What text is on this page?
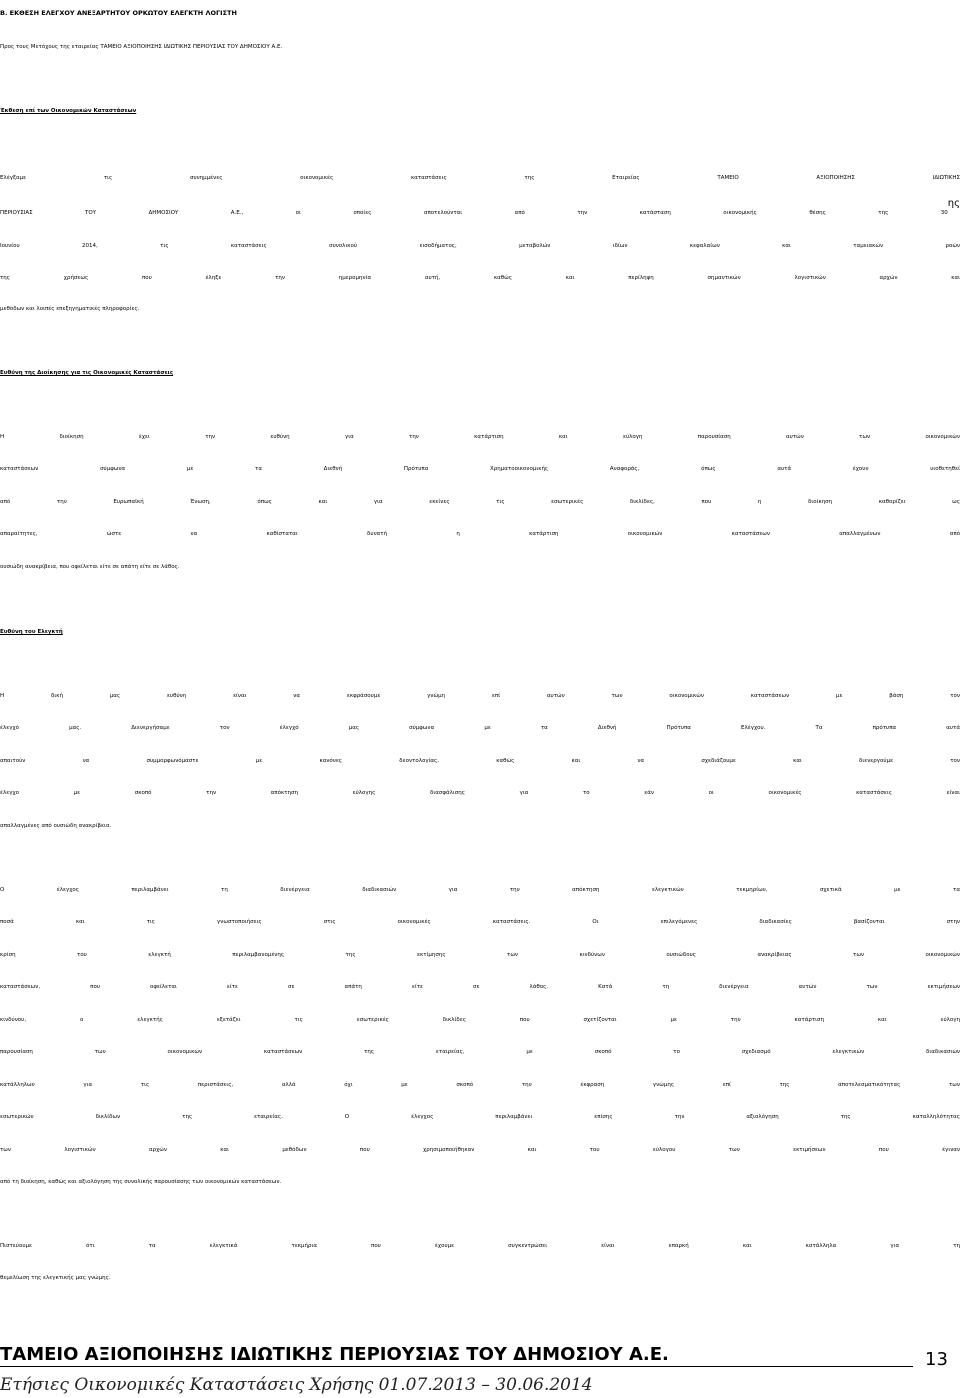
B. ΕΚΘΕΣΗ ΕΛΕΓΧΟΥ ΑΝΕΞΑΡΤΗΤΟΥ ΟΡΚΩΤΟΥ ΕΛΕΓΚΤΗ ΛΟΓΙΣΤΗ
Προς τους Μετόχους της εταιρείας ΤΑΜΕΙΟ ΑΞΙΟΠΟΙΗΣΗΣ ΙΔΙΩΤΙΚΗΣ ΠΕΡΙΟΥΣΙΑΣ ΤΟΥ ΔΗΜΟΣΙΟΥ Α.Ε.
Έκθεση επί των Οικονομικών Καταστάσεων
Ελέγξαμε τις συνημμένες οικονομικές καταστάσεις της Εταιρείας ΤΑΜΕΙΟ ΑΞΙΟΠΟΙΗΣΗΣ ΙΔΙΩΤΙΚΗΣ
ΠΕΡΙΟΥΣΙΑΣ ΤΟΥ ΔΗΜΟΣΙΟΥ Α.Ε., οι οποίες αποτελούνται από την κατάσταση οικονομικής θέσης της $30^{\eta\varsigma}$
Ιουνίου 2014, τις καταστάσεις συνολικού εισοδήματος, μεταβολών ιδίων κεφαλαίων και ταμειακών ροών
της χρήσεως που έληξε την ημερομηνία αυτή, καθώς και περίληψη σημαντικών λογιστικών αρχών και
μεθόδων και λοιπές επεξηγηματικές πληροφορίες.
Ευθύνη της Διοίκησης για τις Οικονομικές Καταστάσεις
Η διοίκηση έχει την ευθύνη για την κατάρτιση και εύλογη παρουσίαση αυτών των οικονομικών
καταστάσεων σύμφωνα με τα Διεθνή Πρότυπα Χρηματοοικονομικής Αναφοράς, όπως αυτά έχουν υιοθετηθεί
από την Ευρωπαϊκή Ένωση, όπως και για εκείνες τις εσωτερικές δικλίδες, που η διοίκηση καθορίζει ως
απαραίτητες, ώστε να καθίσταται δυνατή η κατάρτιση οικονομικών καταστάσεων απαλλαγμένων από
ουσιώδη ανακρίβεια, που οφείλεται είτε σε απάτη είτε σε λάθος.
Ευθύνη του Ελεγκτή
Η δική μας ευθύνη είναι να εκφράσουμε γνώμη επί αυτών των οικονομικών καταστάσεων με βάση τον
έλεγχό μας. Διενεργήσαμε τον έλεγχό μας σύμφωνα με τα Διεθνή Πρότυπα Ελέγχου. Τα πρότυπα αυτά
απαιτούν να συμμορφωνόμαστε με κανόνες δεοντολογίας, καθώς και να σχεδιάζουμε και διενεργούμε τον
έλεγχο με σκοπό την απόκτηση εύλογης διασφάλισης για το εάν οι οικονομικές καταστάσεις είναι
απαλλαγμένες από ουσιώδη ανακρίβεια.
Ο έλεγχος περιλαμβάνει τη διενέργεια διαδικασιών για την απόκτηση ελεγκτικών τεκμηρίων, σχετικά με τα
ποσά και τις γνωστοποιήσεις στις οικονομικές καταστάσεις. Οι επιλεγόμενες διαδικασίες βασίζονται στην
κρίση του ελεγκτή περιλαμβανομένης της εκτίμησης των κινδύνων ουσιώδους ανακρίβειας των οικονομικών
καταστάσεων, που οφείλεται είτε σε απάτη είτε σε λάθος. Κατά τη διενέργεια αυτών των εκτιμήσεων
κινδύνου, ο ελεγκτής εξετάζει τις εσωτερικές δικλίδες που σχετίζονται με την κατάρτιση και εύλογη
παρουσίαση των οικονομικών καταστάσεων της εταιρείας, με σκοπό το σχεδιασμό ελεγκτικών διαδικασιών
κατάλληλων για τις περιστάσεις, αλλά όχι με σκοπό την έκφραση γνώμης επί της αποτελεσματικότητας των
εσωτερικών δικλίδων της εταιρείας. Ο έλεγχος περιλαμβάνει επίσης την αξιολόγηση της καταλληλότητας
των λογιστικών αρχών και μεθόδων που χρησιμοποιήθηκαν και του εύλογου των εκτιμήσεων που έγιναν
από τη διοίκηση, καθώς και αξιολόγηση της συνολικής παρουσίασης των οικονομικών καταστάσεων.
Πιστεύουμε ότι τα ελεγκτικά τεκμήρια που έχουμε συγκεντρώσει είναι επαρκή και κατάλληλα για τη
θεμελίωση της ελεγκτικής μας γνώμης.
ΤΑΜΕΙΟ ΑΞΙΟΠΟΙΗΣΗΣ ΙΔΙΩΤΙΚΗΣ ΠΕΡΙΟΥΣΙΑΣ ΤΟΥ ΔΗΜΟΣΙΟΥ Α.Ε.	13
Ετήσιες Οικονομικές Καταστάσεις Χρήσης 01.07.2013 – 30.06.2014
